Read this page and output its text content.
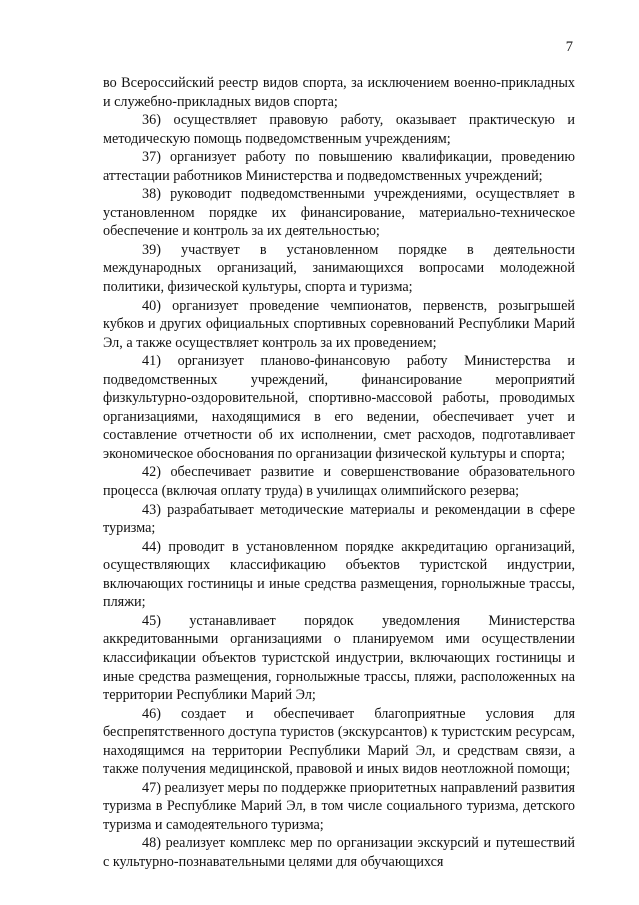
7

во Всероссийский реестр видов спорта, за исключением военно-прикладных и служебно-прикладных видов спорта;

36) осуществляет правовую работу, оказывает практическую и методическую помощь подведомственным учреждениям;

37) организует работу по повышению квалификации, проведению аттестации работников Министерства и подведомственных учреждений;

38) руководит подведомственными учреждениями, осуществляет в установленном порядке их финансирование, материально-техническое обеспечение и контроль за их деятельностью;

39) участвует в установленном порядке в деятельности международных организаций, занимающихся вопросами молодежной политики, физической культуры, спорта и туризма;

40) организует проведение чемпионатов, первенств, розыгрышей кубков и других официальных спортивных соревнований Республики Марий Эл, а также осуществляет контроль за их проведением;

41) организует планово-финансовую работу Министерства и подведомственных учреждений, финансирование мероприятий физкультурно-оздоровительной, спортивно-массовой работы, проводимых организациями, находящимися в его ведении, обеспечивает учет и составление отчетности об их исполнении, смет расходов, подготавливает экономическое обоснования по организации физической культуры и спорта;

42) обеспечивает развитие и совершенствование образовательного процесса (включая оплату труда) в училищах олимпийского резерва;

43) разрабатывает методические материалы и рекомендации в сфере туризма;

44) проводит в установленном порядке аккредитацию организаций, осуществляющих классификацию объектов туристской индустрии, включающих гостиницы и иные средства размещения, горнолыжные трассы, пляжи;

45) устанавливает порядок уведомления Министерства аккредитованными организациями о планируемом ими осуществлении классификации объектов туристской индустрии, включающих гостиницы и иные средства размещения, горнолыжные трассы, пляжи, расположенных на территории Республики Марий Эл;

46) создает и обеспечивает благоприятные условия для беспрепятственного доступа туристов (экскурсантов) к туристским ресурсам, находящимся на территории Республики Марий Эл, и средствам связи, а также получения медицинской, правовой и иных видов неотложной помощи;

47) реализует меры по поддержке приоритетных направлений развития туризма в Республике Марий Эл, в том числе социального туризма, детского туризма и самодеятельного туризма;

48) реализует комплекс мер по организации экскурсий и путешествий с культурно-познавательными целями для обучающихся
